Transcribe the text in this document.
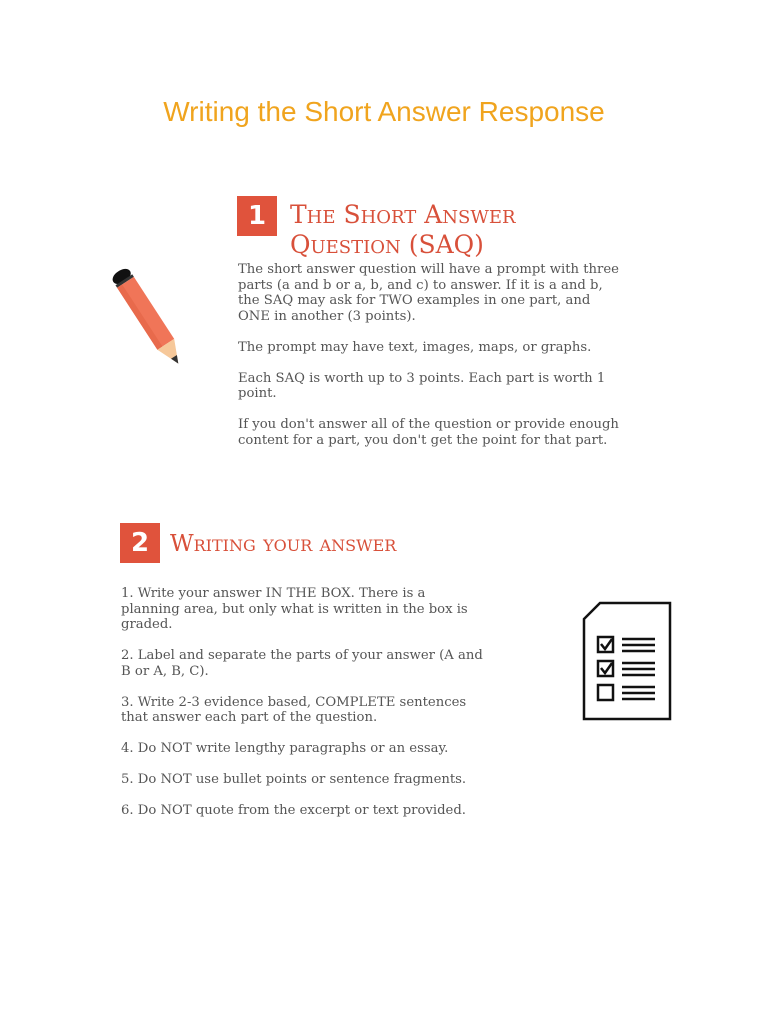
Writing the Short Answer Response
1 The Short Answer
Question (SAQ)

The short answer question will have a prompt with three parts (a and b or a, b, and c) to answer. If it is a and b, the SAQ may ask for TWO examples in one part, and ONE in another (3 points).

The prompt may have text, images, maps, or graphs.

Each SAQ is worth up to 3 points. Each part is worth 1 point.

If you don't answer all of the question or provide enough content for a part, you don't get the point for that part.

2 Writing your answer

1. Write your answer IN THE BOX. There is a planning area, but only what is written in the box is graded.

2. Label and separate the parts of your answer (A and B or A, B, C).

3. Write 2-3 evidence based, COMPLETE sentences that answer each part of the question.

4. Do NOT write lengthy paragraphs or an essay.

5. Do NOT use bullet points or sentence fragments.

6. Do NOT quote from the excerpt or text provided.
